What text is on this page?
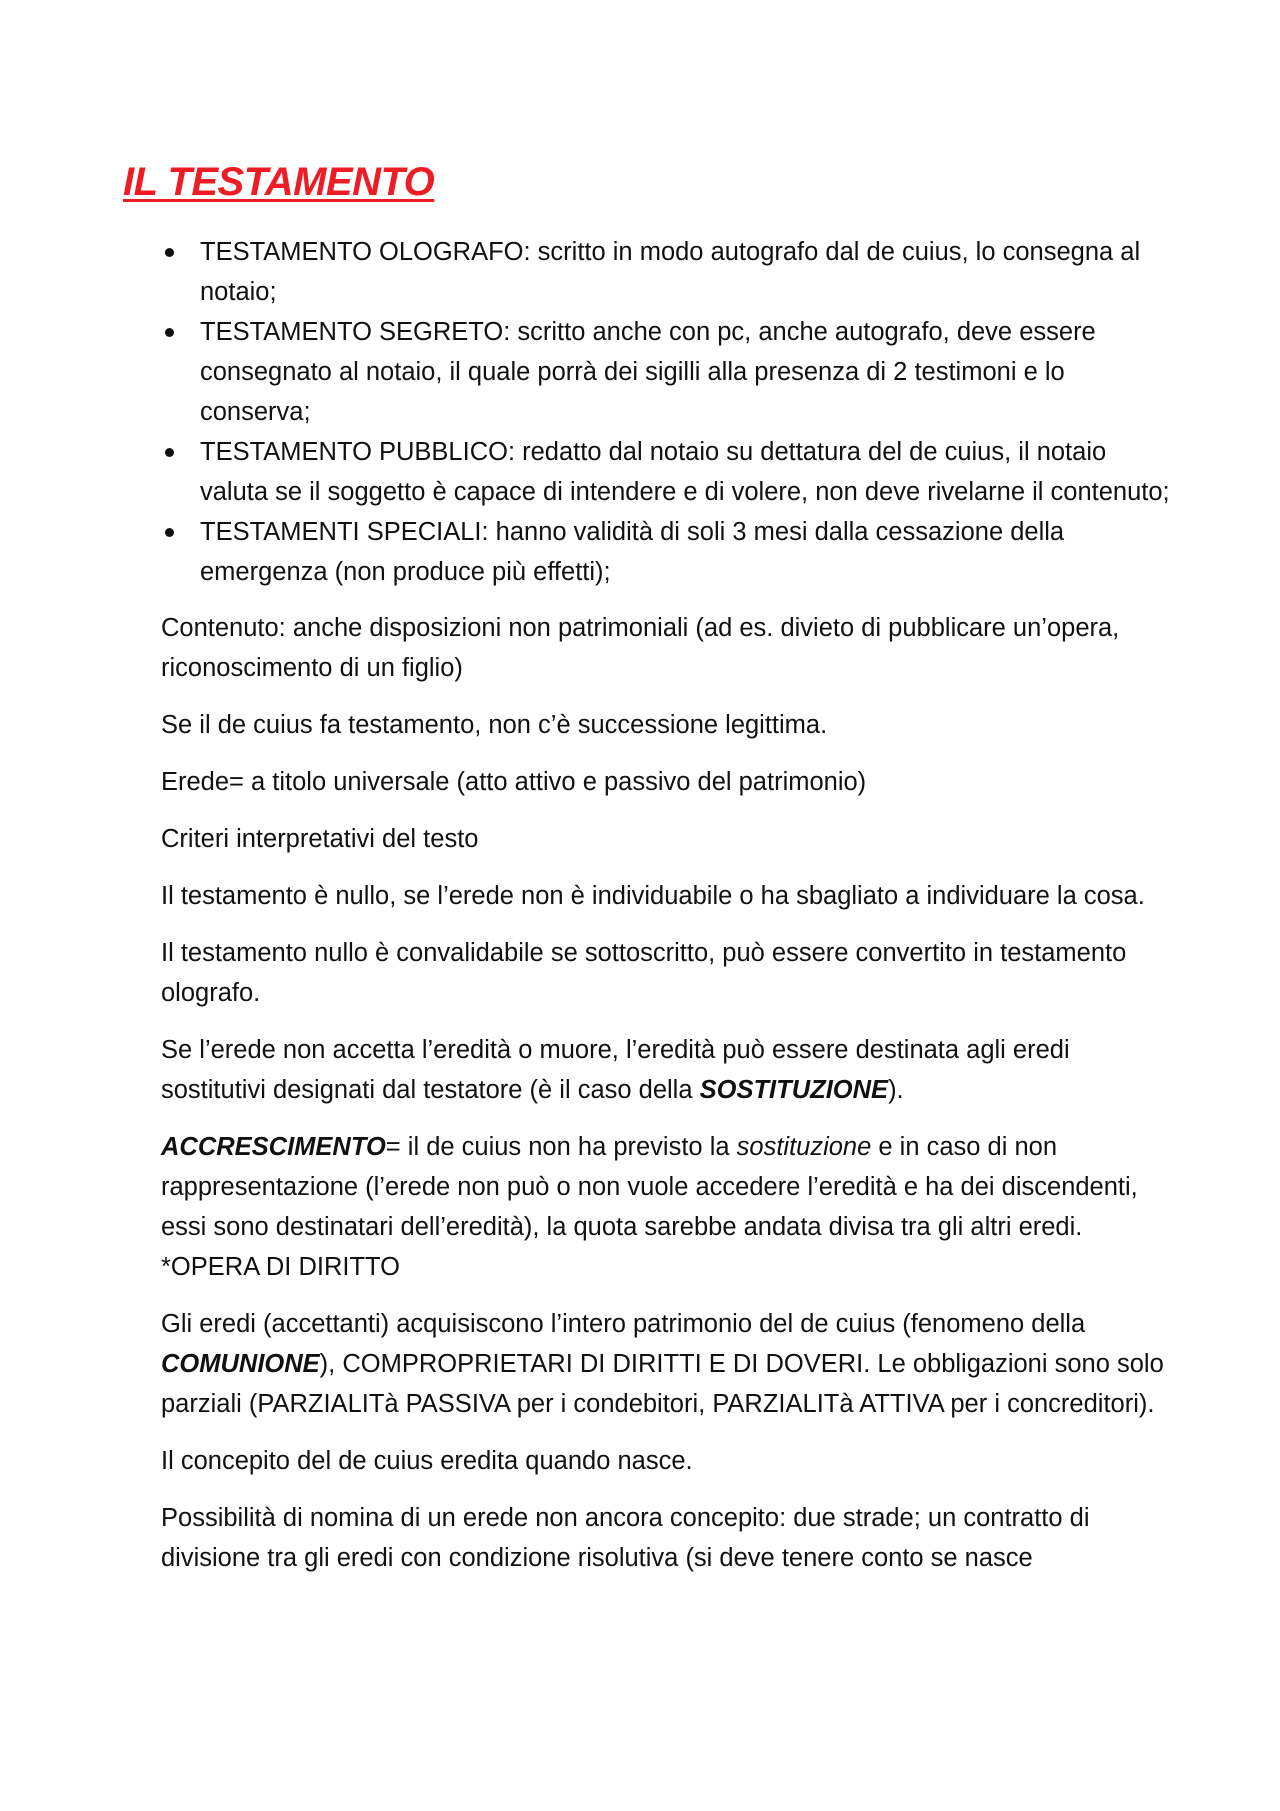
IL TESTAMENTO
TESTAMENTO OLOGRAFO: scritto in modo autografo dal de cuius, lo consegna al notaio;
TESTAMENTO SEGRETO: scritto anche con pc, anche autografo, deve essere consegnato al notaio, il quale porrà dei sigilli alla presenza di 2 testimoni e lo conserva;
TESTAMENTO PUBBLICO: redatto dal notaio su dettatura del de cuius, il notaio valuta se il soggetto è capace di intendere e di volere, non deve rivelarne il contenuto;
TESTAMENTI SPECIALI: hanno validità di soli 3 mesi dalla cessazione della emergenza (non produce più effetti);

Contenuto: anche disposizioni non patrimoniali (ad es. divieto di pubblicare un’opera, riconoscimento di un figlio)

Se il de cuius fa testamento, non c’è successione legittima.

Erede= a titolo universale (atto attivo e passivo del patrimonio)

Criteri interpretativi del testo

Il testamento è nullo, se l’erede non è individuabile o ha sbagliato a individuare la cosa.

Il testamento nullo è convalidabile se sottoscritto, può essere convertito in testamento olografo.

Se l’erede non accetta l’eredità o muore, l’eredità può essere destinata agli eredi sostitutivi designati dal testatore (è il caso della SOSTITUZIONE).

ACCRESCIMENTO= il de cuius non ha previsto la sostituzione e in caso di non rappresentazione (l’erede non può o non vuole accedere l’eredità e ha dei discendenti, essi sono destinatari dell’eredità), la quota sarebbe andata divisa tra gli altri eredi. *OPERA DI DIRITTO

Gli eredi (accettanti) acquisiscono l’intero patrimonio del de cuius (fenomeno della COMUNIONE), COMPROPRIETARI DI DIRITTI E DI DOVERI. Le obbligazioni sono solo parziali (PARZIALITà PASSIVA per i condebitori, PARZIALITà ATTIVA per i concreditori).

Il concepito del de cuius eredita quando nasce.

Possibilità di nomina di un erede non ancora concepito: due strade; un contratto di divisione tra gli eredi con condizione risolutiva (si deve tenere conto se nasce
